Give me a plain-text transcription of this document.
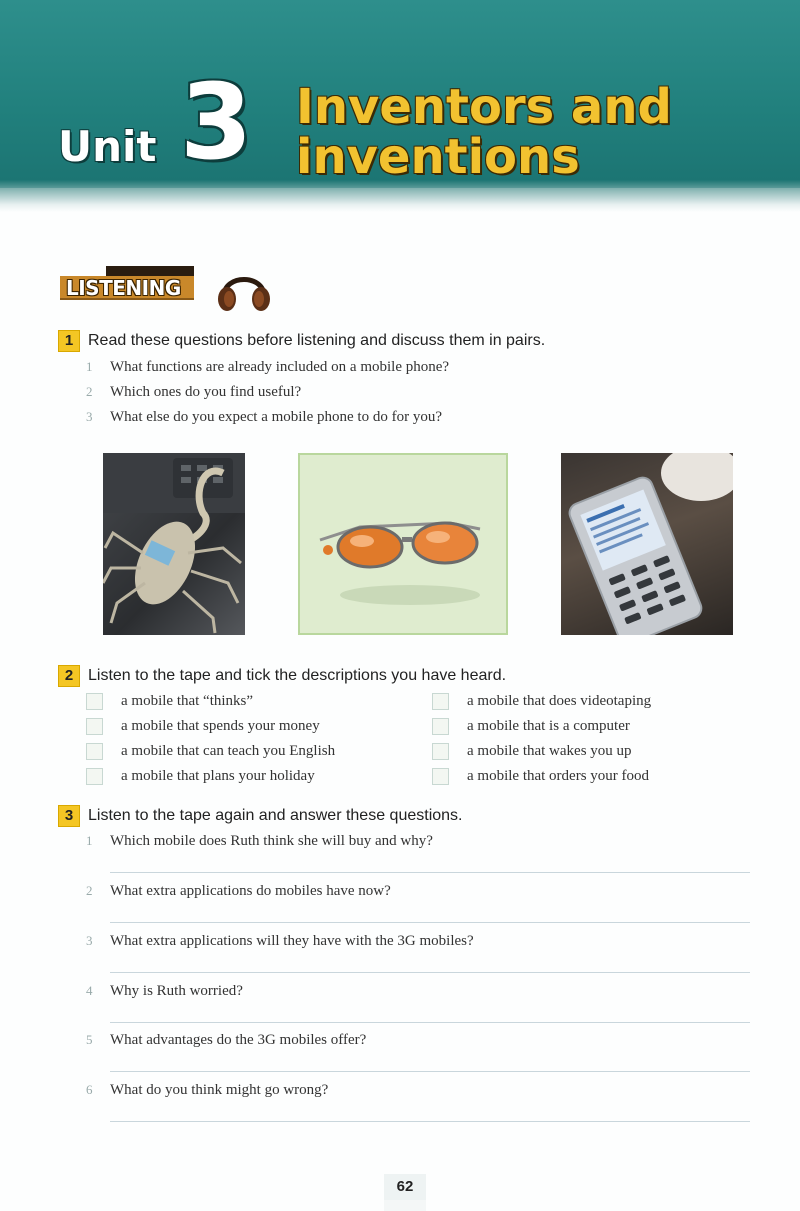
Unit 3 Inventors and
inventions
LISTENING
1 Read these questions before listening and discuss them in pairs.
1 What functions are already included on a mobile phone?
2 Which ones do you find useful?
3 What else do you expect a mobile phone to do for you?
2 Listen to the tape and tick the descriptions you have heard.
a mobile that “thinks”
a mobile that spends your money
a mobile that can teach you English
a mobile that plans your holiday
a mobile that does videotaping
a mobile that is a computer
a mobile that wakes you up
a mobile that orders your food
3 Listen to the tape again and answer these questions.
1 Which mobile does Ruth think she will buy and why?
2 What extra applications do mobiles have now?
3 What extra applications will they have with the 3G mobiles?
4 Why is Ruth worried?
5 What advantages do the 3G mobiles offer?
6 What do you think might go wrong?
62
